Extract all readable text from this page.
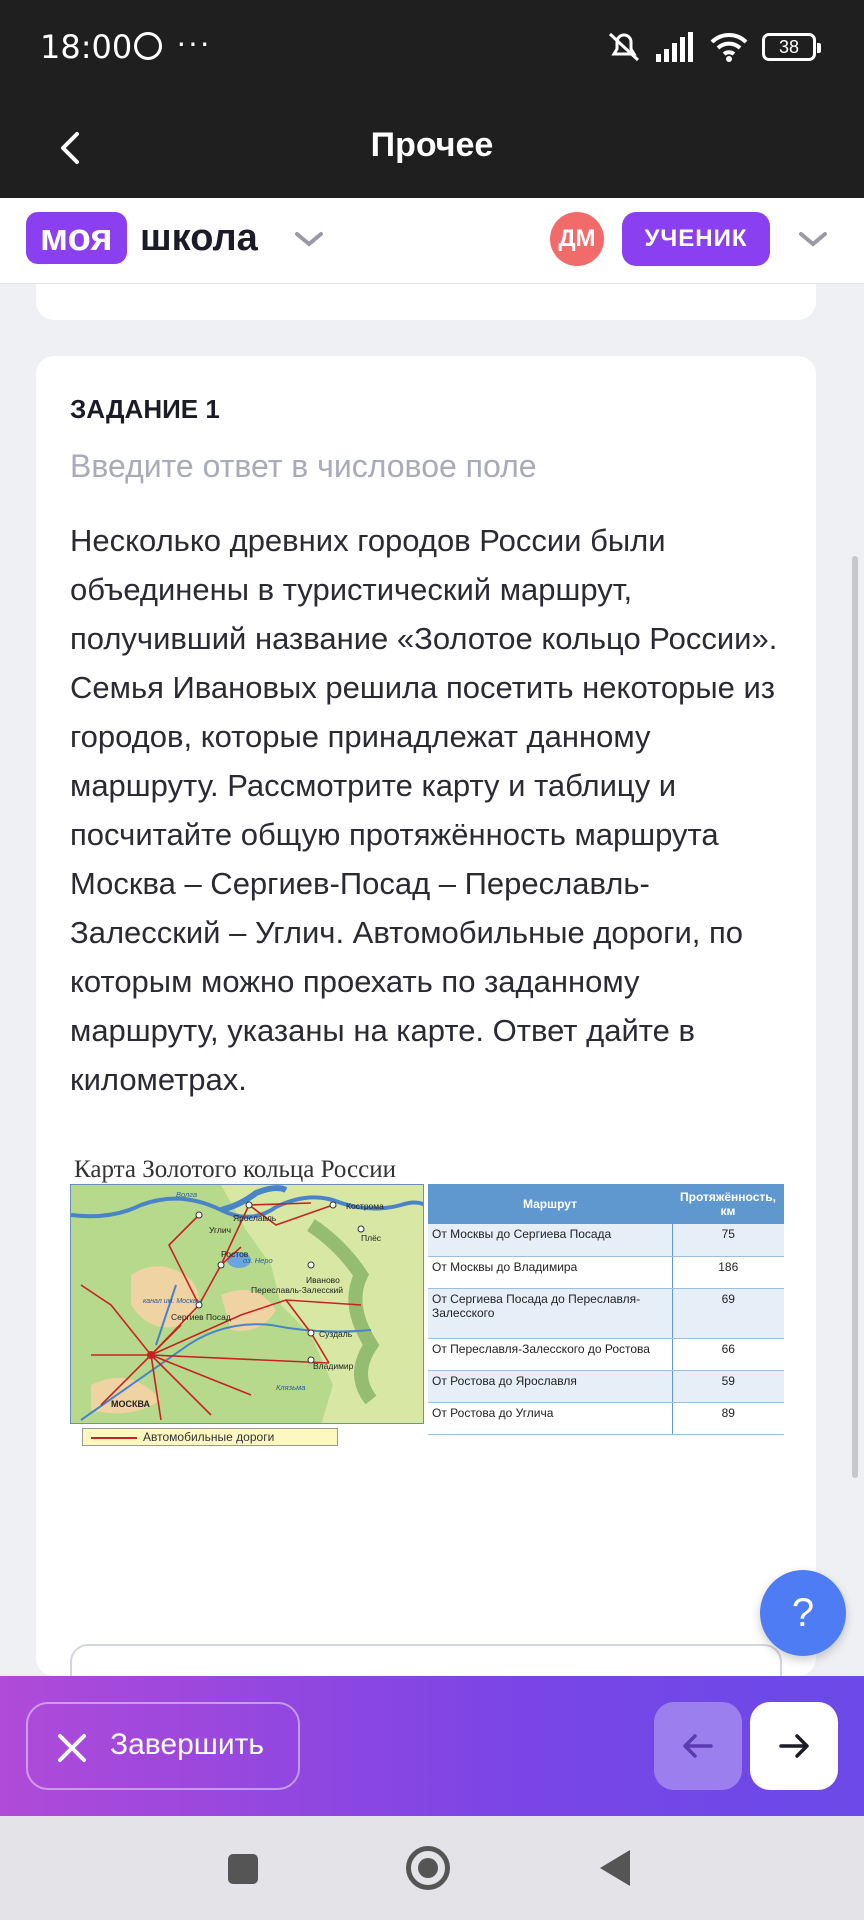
18:00 ···	38
Прочее
моя школа	ДМ	УЧЕНИК
ЗАДАНИЕ 1
Введите ответ в числовое поле
Несколько древних городов России были объединены в туристический маршрут, получивший название «Золотое кольцо России». Семья Ивановых решила посетить некоторые из городов, которые принадлежат данному маршруту. Рассмотрите карту и таблицу и посчитайте общую протяжённость маршрута Москва – Сергиев-Посад – Переславль-Залесский – Углич. Автомобильные дороги, по которым можно проехать по заданному маршруту, указаны на карте. Ответ дайте в километрах.
Карта Золотого кольца России
МОСКВА
Сергиев Посад
Переславль-Залесский
Ростов
Ярославль
Углич
Кострома
Плёс
Иваново
Суздаль
Владимир
оз. Неро
Волга
канал им. Москвы
Клязьма
Автомобильные дороги
Маршрут	Протяжённость, км
От Москвы до Сергиева Посада	75
От Москвы до Владимира	186
От Сергиева Посада до Переславля-Залесского	69
От Переславля-Залесского до Ростова	66
От Ростова до Ярославля	59
От Ростова до Углича	89
?
Завершить
